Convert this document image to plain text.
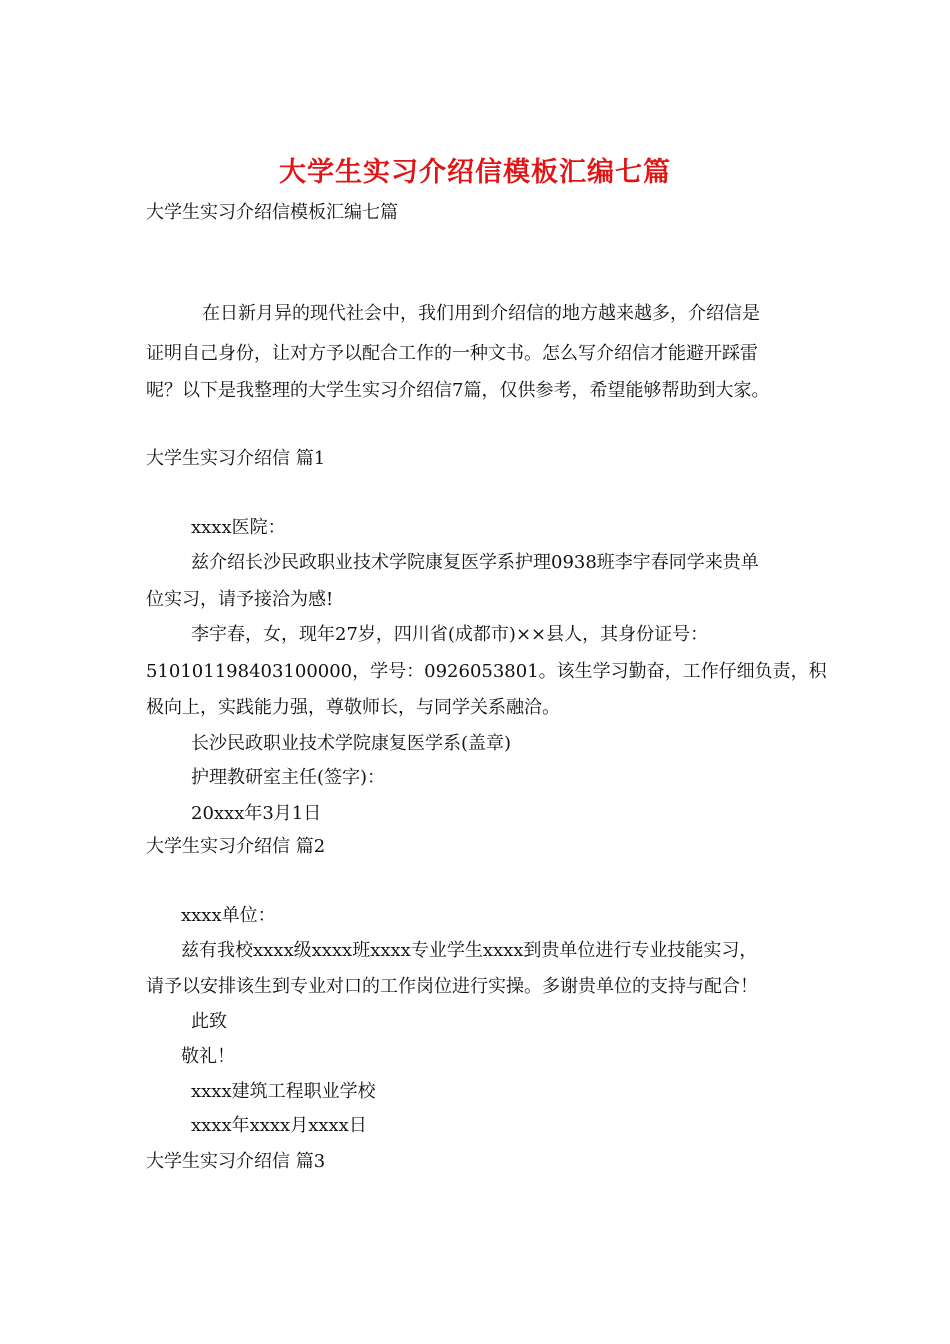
大学生实习介绍信模板汇编七篇
大学生实习介绍信模板汇编七篇
在日新月异的现代社会中，我们用到介绍信的地方越来越多，介绍信是
证明自己身份，让对方予以配合工作的一种文书。怎么写介绍信才能避开踩雷
呢？以下是我整理的大学生实习介绍信7篇，仅供参考，希望能够帮助到大家。
大学生实习介绍信 篇1
xxxx医院：
兹介绍长沙民政职业技术学院康复医学系护理0938班李宇春同学来贵单
位实习，请予接洽为感!
李宇春，女，现年27岁，四川省(成都市)××县人，其身份证号：
510101198403100000，学号：0926053801。该生学习勤奋，工作仔细负责，积
极向上，实践能力强，尊敬师长，与同学关系融洽。
长沙民政职业技术学院康复医学系(盖章)
护理教研室主任(签字)：
20xxx年3月1日
大学生实习介绍信 篇2
xxxx单位：
兹有我校xxxx级xxxx班xxxx专业学生xxxx到贵单位进行专业技能实习，
请予以安排该生到专业对口的工作岗位进行实操。多谢贵单位的支持与配合！
此致
敬礼！
xxxx建筑工程职业学校
xxxx年xxxx月xxxx日
大学生实习介绍信 篇3
